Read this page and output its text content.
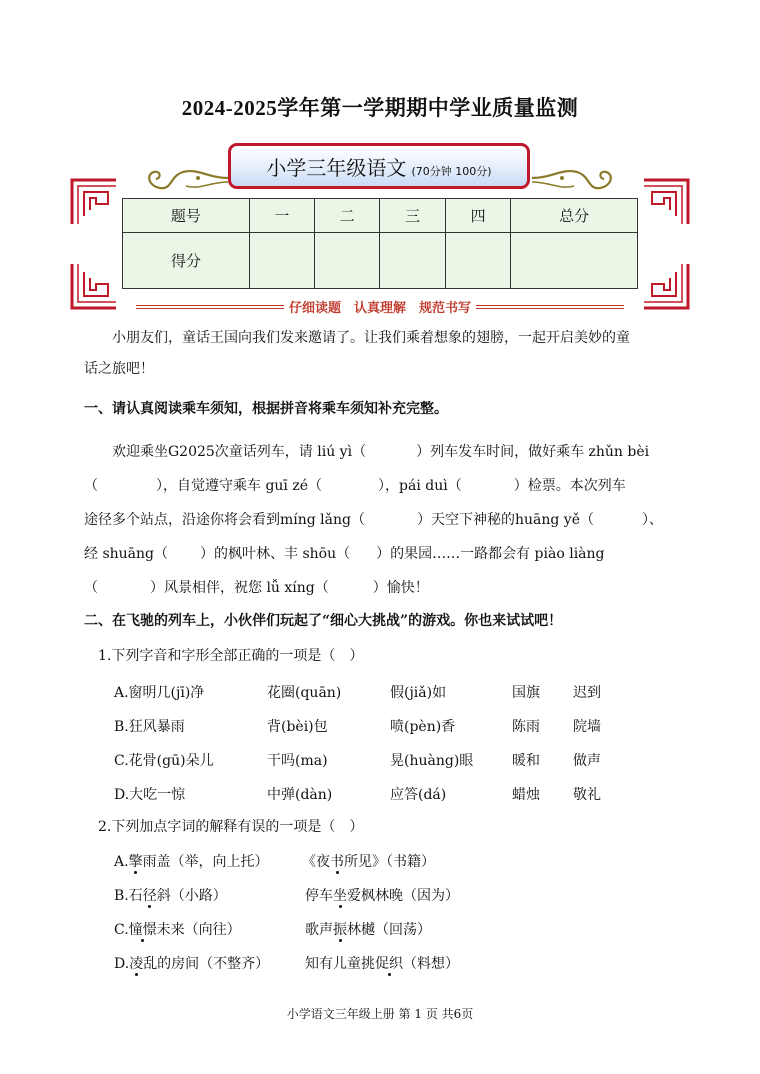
2024-2025学年第一学期期中学业质量监测
小学三年级语文 (70分钟 100分)
题号	一	二	三	四	总分
得分					
仔细读题　认真理解　规范书写
小朋友们，童话王国向我们发来邀请了。让我们乘着想象的翅膀，一起开启美妙的童
话之旅吧！
一、请认真阅读乘车须知，根据拼音将乘车须知补充完整。
欢迎乘坐G2025次童话列车，请 liú yì（	）列车发车时间，做好乘车 zhǔn bèi
（	），自觉遵守乘车 guī zé（	），pái duì（	）检票。本次列车
途径多个站点，沿途你将会看到míng lǎng（	）天空下神秘的huāng yě（	）、
经 shuāng（ ）的枫叶林、丰 shōu（ ）的果园……一路都会有 piào liàng
（	）风景相伴，祝您 lǚ xíng（	）愉快！
二、在飞驰的列车上，小伙伴们玩起了“细心大挑战”的游戏。你也来试试吧！
1.下列字音和字形全部正确的一项是（　）
A.窗明几(jī)净	花圈(quān)	假(jiǎ)如	国旗 迟到
B.狂风暴雨	背(bèi)包	喷(pèn)香	陈雨 院墙
C.花骨(gū)朵儿	干吗(ma)	晃(huàng)眼	暖和 做声
D.大吃一惊	中弹(dàn)	应答(dá)	蜡烛 敬礼
2.下列加点字词的解释有误的一项是（　）
A.擎雨盖（举，向上托） 《夜书所见》（书籍）
B.石径斜（小路）	停车坐爱枫林晚（因为）
C.憧憬未来（向往）	歌声振林樾（回荡）
D.凌乱的房间（不整齐）	知有儿童挑促织（料想）
小学语文三年级上册 第 1 页 共6页
